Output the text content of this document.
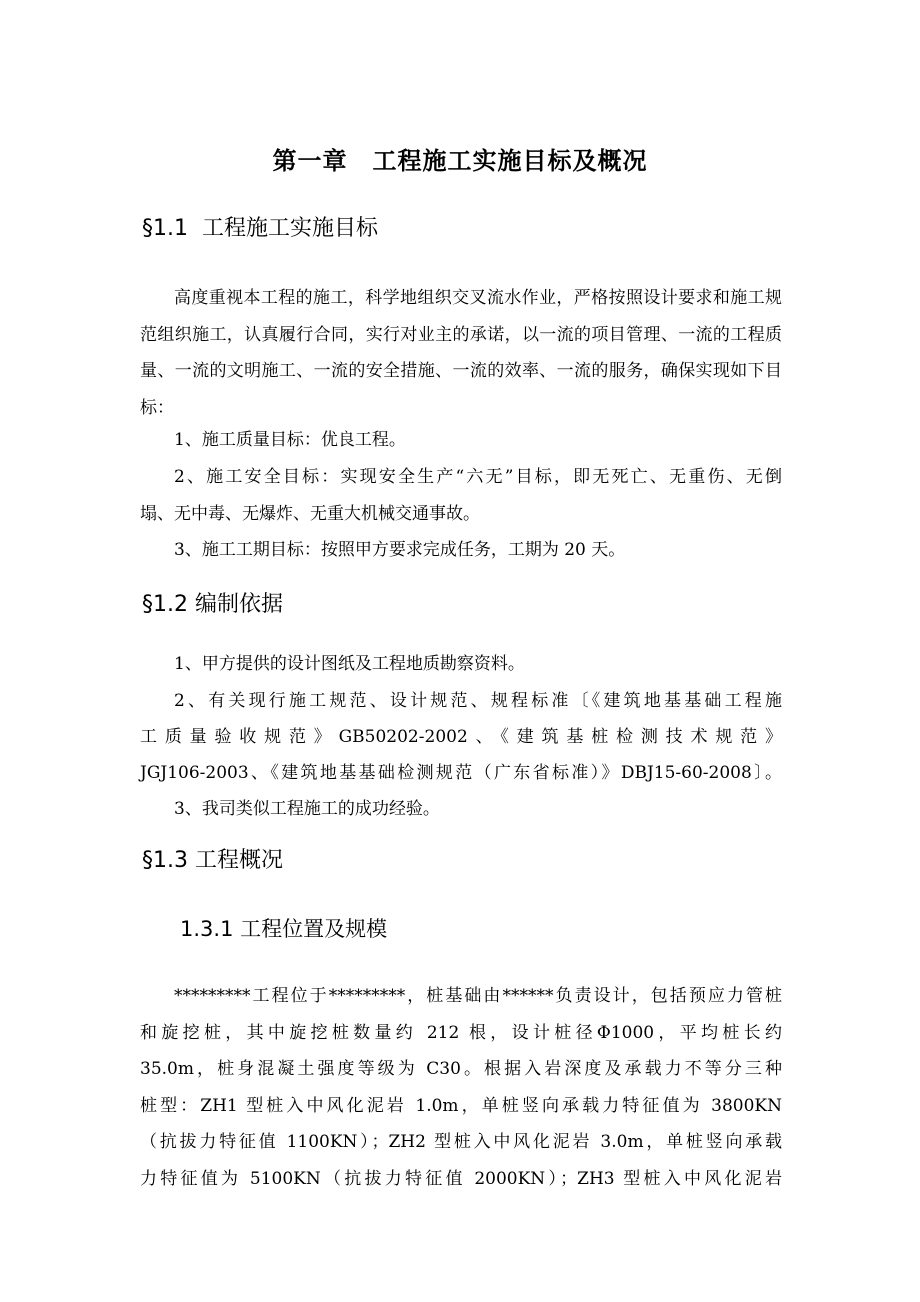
第一章　工程施工实施目标及概况
§1.1  工程施工实施目标

高度重视本工程的施工，科学地组织交叉流水作业，严格按照设计要求和施工规范组织施工，认真履行合同，实行对业主的承诺，以一流的项目管理、一流的工程质量、一流的文明施工、一流的安全措施、一流的效率、一流的服务，确保实现如下目标：

1、施工质量目标：优良工程。
2、施工安全目标：实现安全生产“六无”目标，即无死亡、无重伤、无倒
塌、无中毒、无爆炸、无重大机械交通事故。
3、施工工期目标：按照甲方要求完成任务，工期为 20 天。
§1.2 编制依据
1、甲方提供的设计图纸及工程地质勘察资料。
2、有关现行施工规范、设计规范、规程标准〔《建筑地基基础工程施
工质量验收规范》GB50202-2002、《建筑基桩检测技术规范》
JGJ106-2003、《建筑地基基础检测规范（广东省标准）》DBJ15-60-2008〕。
3、我司类似工程施工的成功经验。
§1.3 工程概况
1.3.1 工程位置及规模
*********工程位于*********，桩基础由******负责设计，包括预应力管桩
和旋挖桩，其中旋挖桩数量约 212 根，设计桩径Φ1000，平均桩长约
35.0m，桩身混凝土强度等级为 C30。根据入岩深度及承载力不等分三种
桩型：ZH1 型桩入中风化泥岩 1.0m，单桩竖向承载力特征值为 3800KN
（抗拔力特征值 1100KN）；ZH2 型桩入中风化泥岩 3.0m，单桩竖向承载
力特征值为 5100KN（抗拔力特征值 2000KN）；ZH3 型桩入中风化泥岩
